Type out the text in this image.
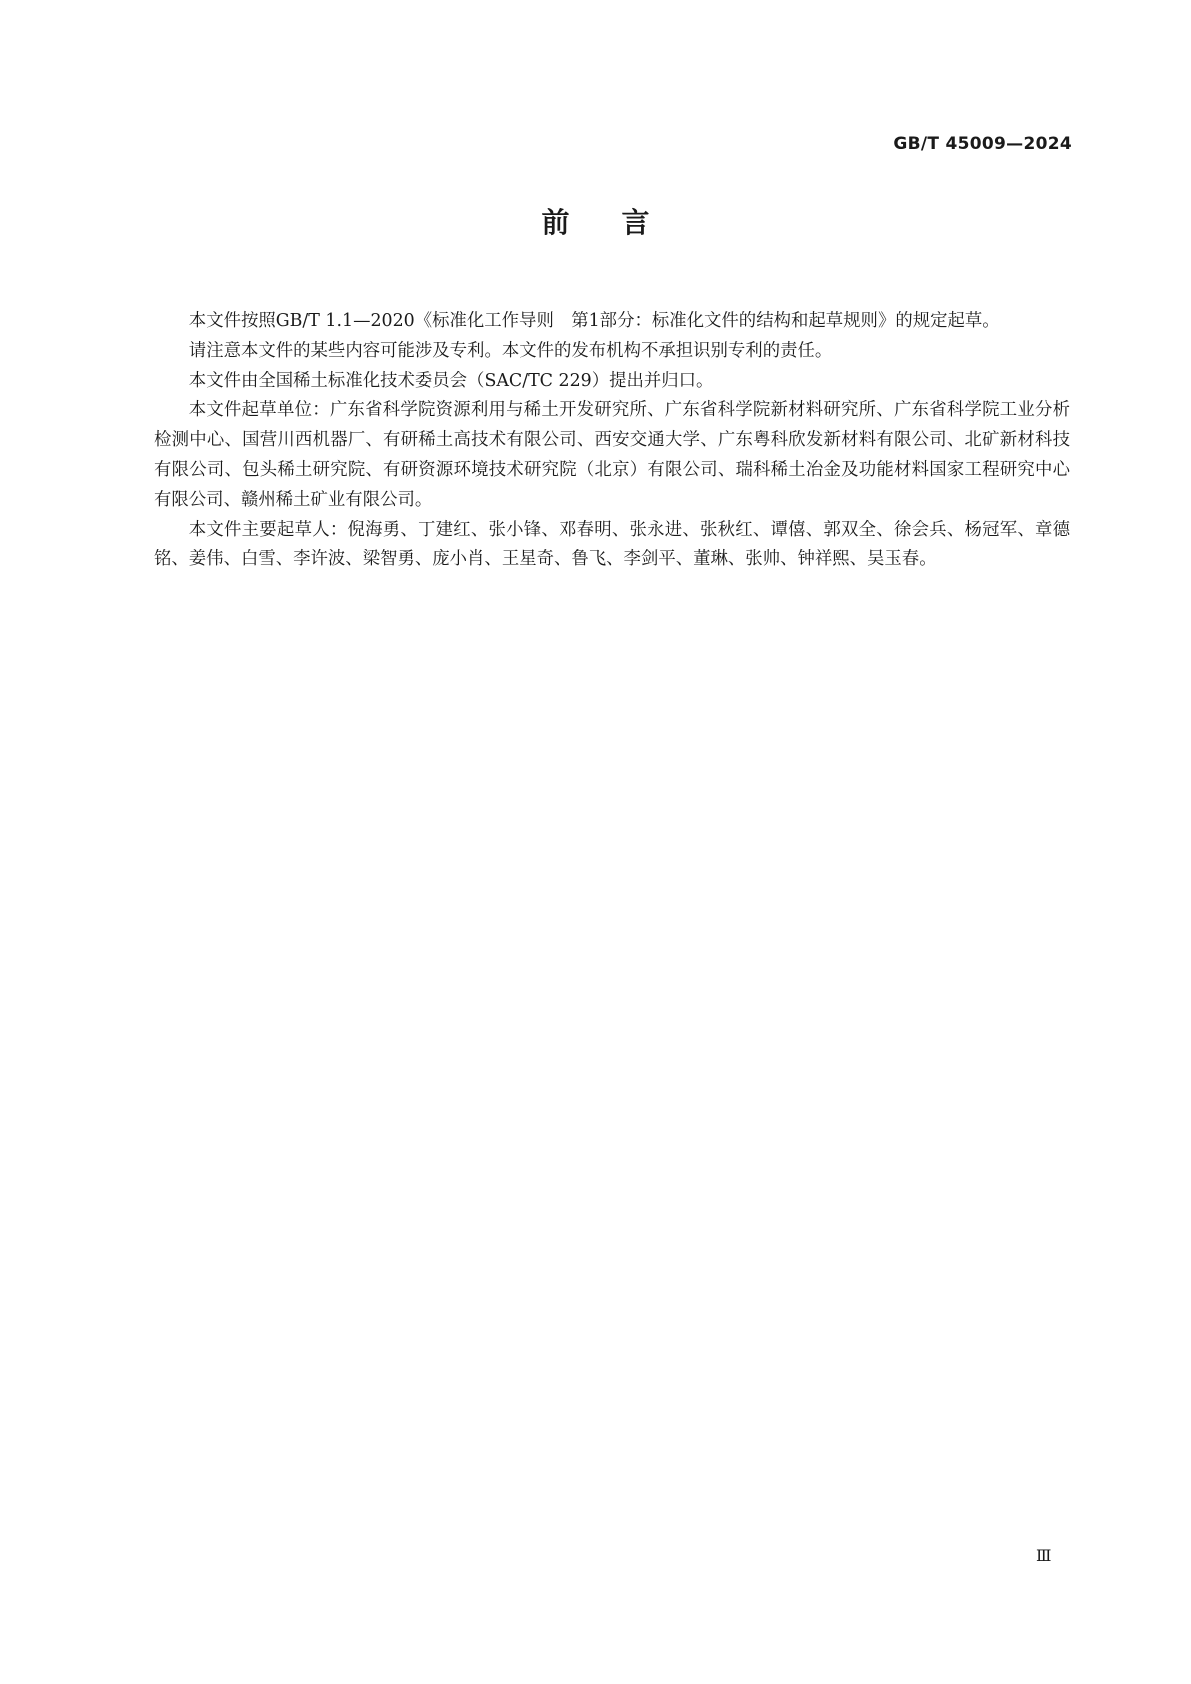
GB/T 45009—2024
前言

本文件按照GB/T 1.1—2020《标准化工作导则　第1部分：标准化文件的结构和起草规则》的规定起草。

请注意本文件的某些内容可能涉及专利。本文件的发布机构不承担识别专利的责任。

本文件由全国稀土标准化技术委员会（SAC/TC 229）提出并归口。

本文件起草单位：广东省科学院资源利用与稀土开发研究所、广东省科学院新材料研究所、广东省科学院工业分析检测中心、国营川西机器厂、有研稀土高技术有限公司、西安交通大学、广东粤科欣发新材料有限公司、北矿新材科技有限公司、包头稀土研究院、有研资源环境技术研究院（北京）有限公司、瑞科稀土冶金及功能材料国家工程研究中心有限公司、赣州稀土矿业有限公司。

本文件主要起草人：倪海勇、丁建红、张小锋、邓春明、张永进、张秋红、谭僖、郭双全、徐会兵、杨冠军、章德铭、姜伟、白雪、李许波、梁智勇、庞小肖、王星奇、鲁飞、李剑平、董琳、张帅、钟祥熙、吴玉春。

Ⅲ
